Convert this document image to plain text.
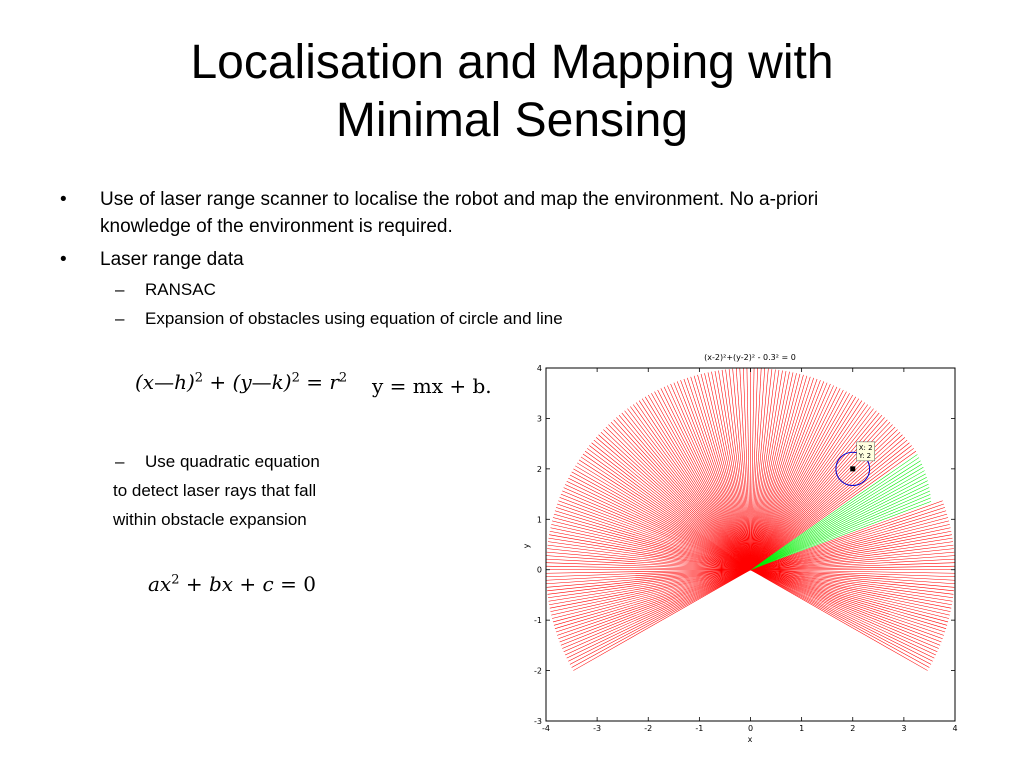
Localisation and Mapping with
Minimal Sensing
• Use of laser range scanner to localise the robot and map the environment. No a-priori
knowledge of the environment is required.
• Laser range data
– RANSAC
– Expansion of obstacles using equation of circle and line
(x—h)$^2$ + (y—k)$^2$ = $r^2$ y = mx + b.
– Use quadratic equation
to detect laser rays that fall
within obstacle expansion
$ax^2$ + bx + c = 0
(x-2)²+(y-2)² - 0.3² = 0
x
y
-4	-3	-2	-1	0	1	2	3	4
-3
-2
-1
0
1
2
3
4
X: 2
Y: 2
